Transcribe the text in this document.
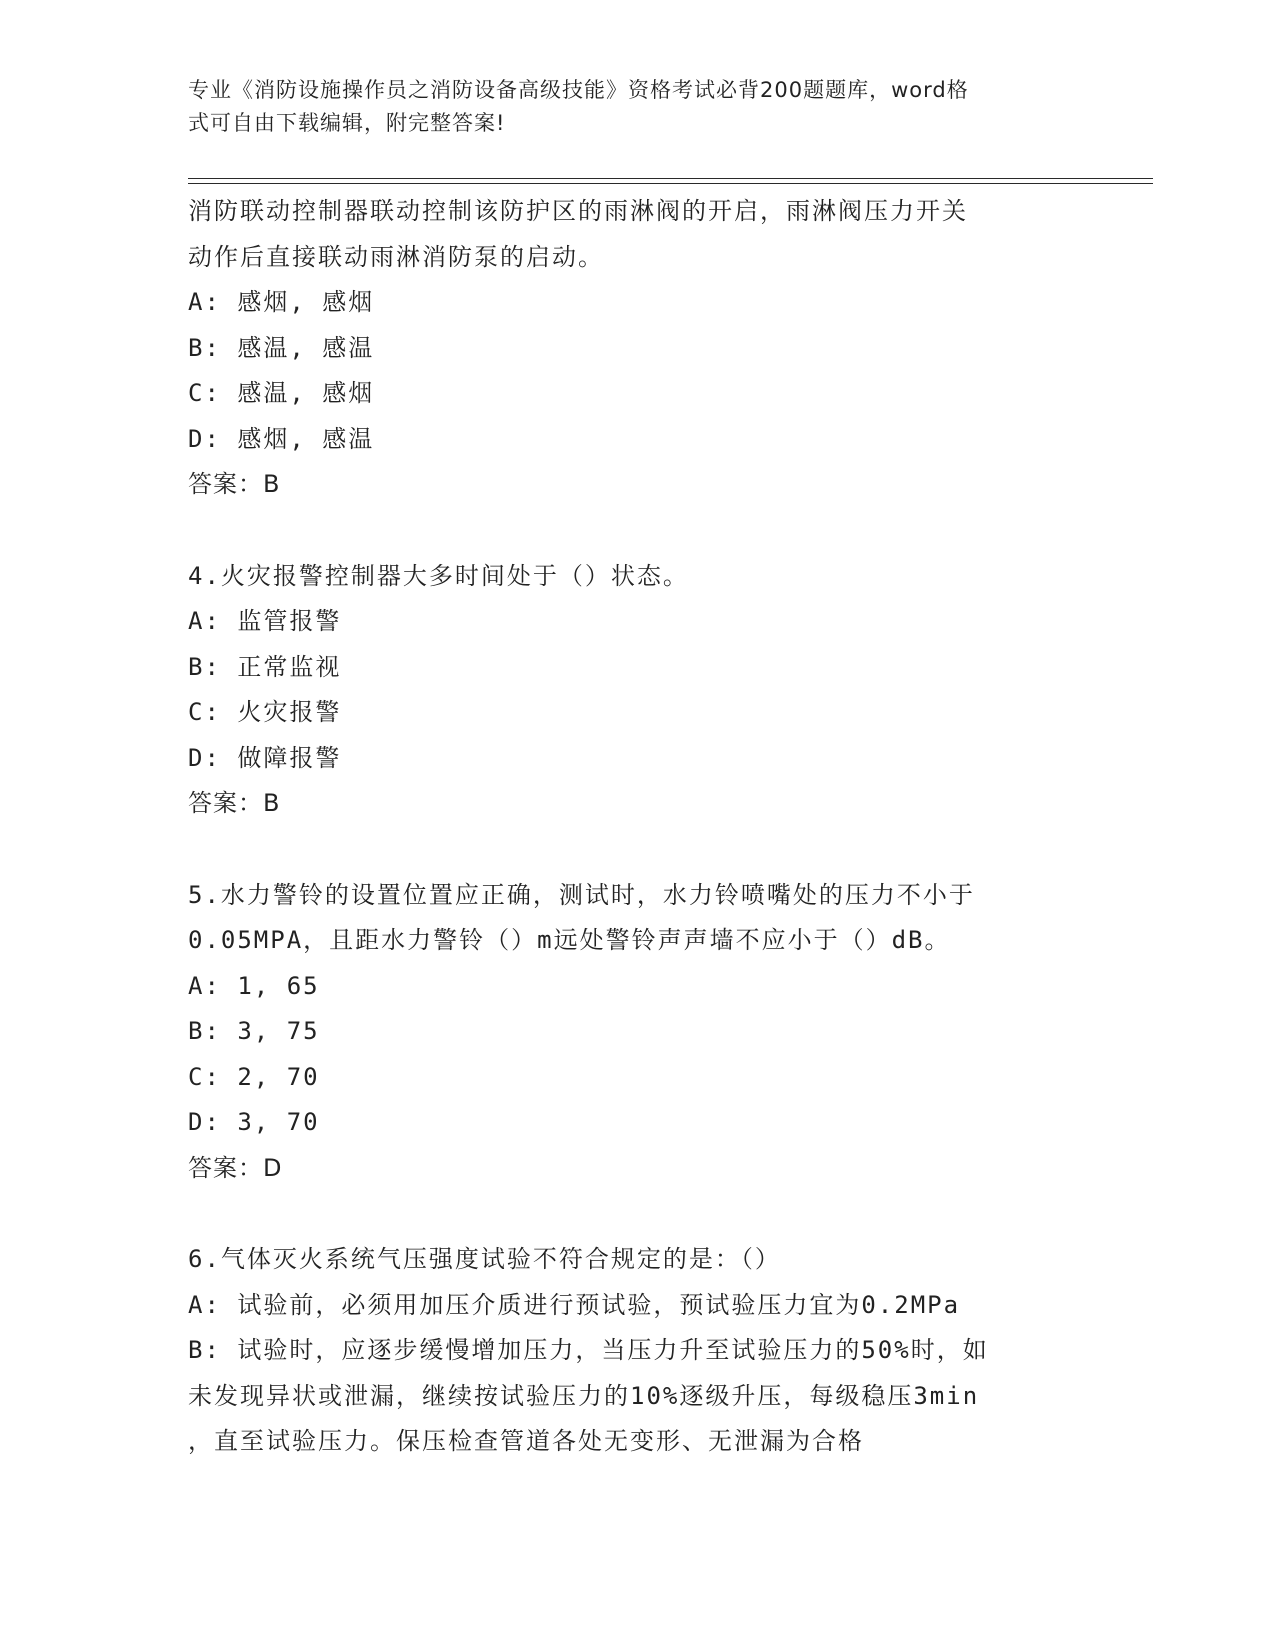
专业《消防设施操作员之消防设备高级技能》资格考试必背200题题库，word格
式可自由下载编辑，附完整答案!
消防联动控制器联动控制该防护区的雨淋阀的开启，雨淋阀压力开关
动作后直接联动雨淋消防泵的启动。
A: 感烟, 感烟
B: 感温, 感温
C: 感温, 感烟
D: 感烟, 感温
答案：B
4.火灾报警控制器大多时间处于（）状态。
A: 监管报警
B: 正常监视
C: 火灾报警
D: 做障报警
答案：B
5.水力警铃的设置位置应正确，测试时，水力铃喷嘴处的压力不小于
0.05MPA，且距水力警铃（）m远处警铃声声墙不应小于（）dB。
A: 1, 65
B: 3, 75
C: 2, 70
D: 3, 70
答案：D
6.气体灭火系统气压强度试验不符合规定的是：（）
A: 试验前，必须用加压介质进行预试验，预试验压力宜为0.2MPa
B: 试验时，应逐步缓慢增加压力，当压力升至试验压力的50%时，如
未发现异状或泄漏，继续按试验压力的10%逐级升压，每级稳压3min
，直至试验压力。保压检查管道各处无变形、无泄漏为合格
